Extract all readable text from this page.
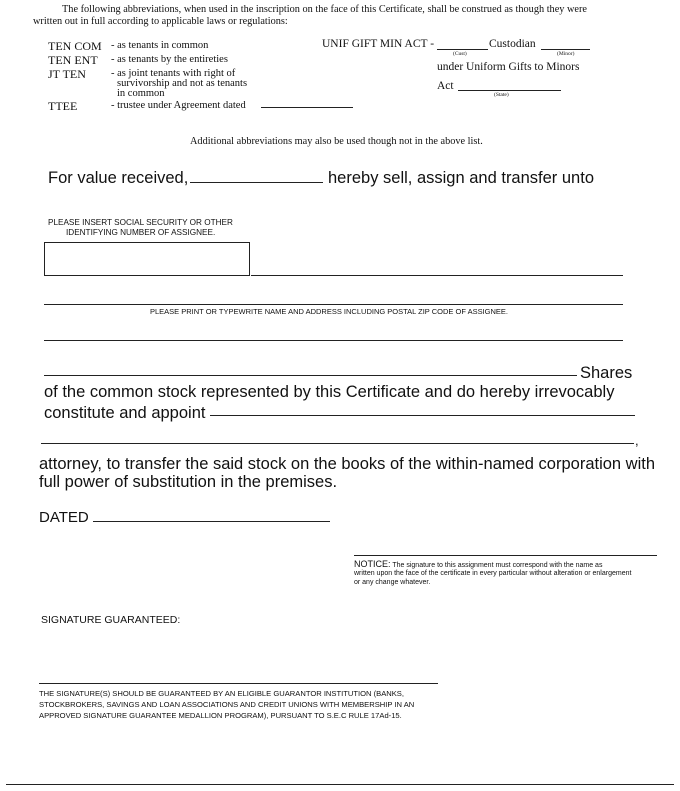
The following abbreviations, when used in the inscription on the face of this Certificate, shall be construed as though they were
written out in full according to applicable laws or regulations:
TEN COM - as tenants in common
TEN ENT - as tenants by the entireties
JT TEN - as joint tenants with right of
survivorship and not as tenants
in common
TTEE	- trustee under Agreement dated
UNIF GIFT MIN ACT -	Custodian
(Cust)	(Minor)
under Uniform Gifts to Minors
Act
(State)
Additional abbreviations may also be used though not in the above list.
For value received,	hereby sell, assign and transfer unto
PLEASE INSERT SOCIAL SECURITY OR OTHER
IDENTIFYING NUMBER OF ASSIGNEE.
PLEASE PRINT OR TYPEWRITE NAME AND ADDRESS INCLUDING POSTAL ZIP CODE OF ASSIGNEE.
Shares
of the common stock represented by this Certificate and do hereby irrevocably
constitute and appoint
,
attorney, to transfer the said stock on the books of the within-named corporation with
full power of substitution in the premises.
DATED
NOTICE: The signature to this assignment must correspond with the name as
written upon the face of the certificate in every particular without alteration or enlargement
or any change whatever.
SIGNATURE GUARANTEED:
THE SIGNATURE(S) SHOULD BE GUARANTEED BY AN ELIGIBLE GUARANTOR INSTITUTION (BANKS,
STOCKBROKERS, SAVINGS AND LOAN ASSOCIATIONS AND CREDIT UNIONS WITH MEMBERSHIP IN AN
APPROVED SIGNATURE GUARANTEE MEDALLION PROGRAM), PURSUANT TO S.E.C RULE 17Ad-15.
